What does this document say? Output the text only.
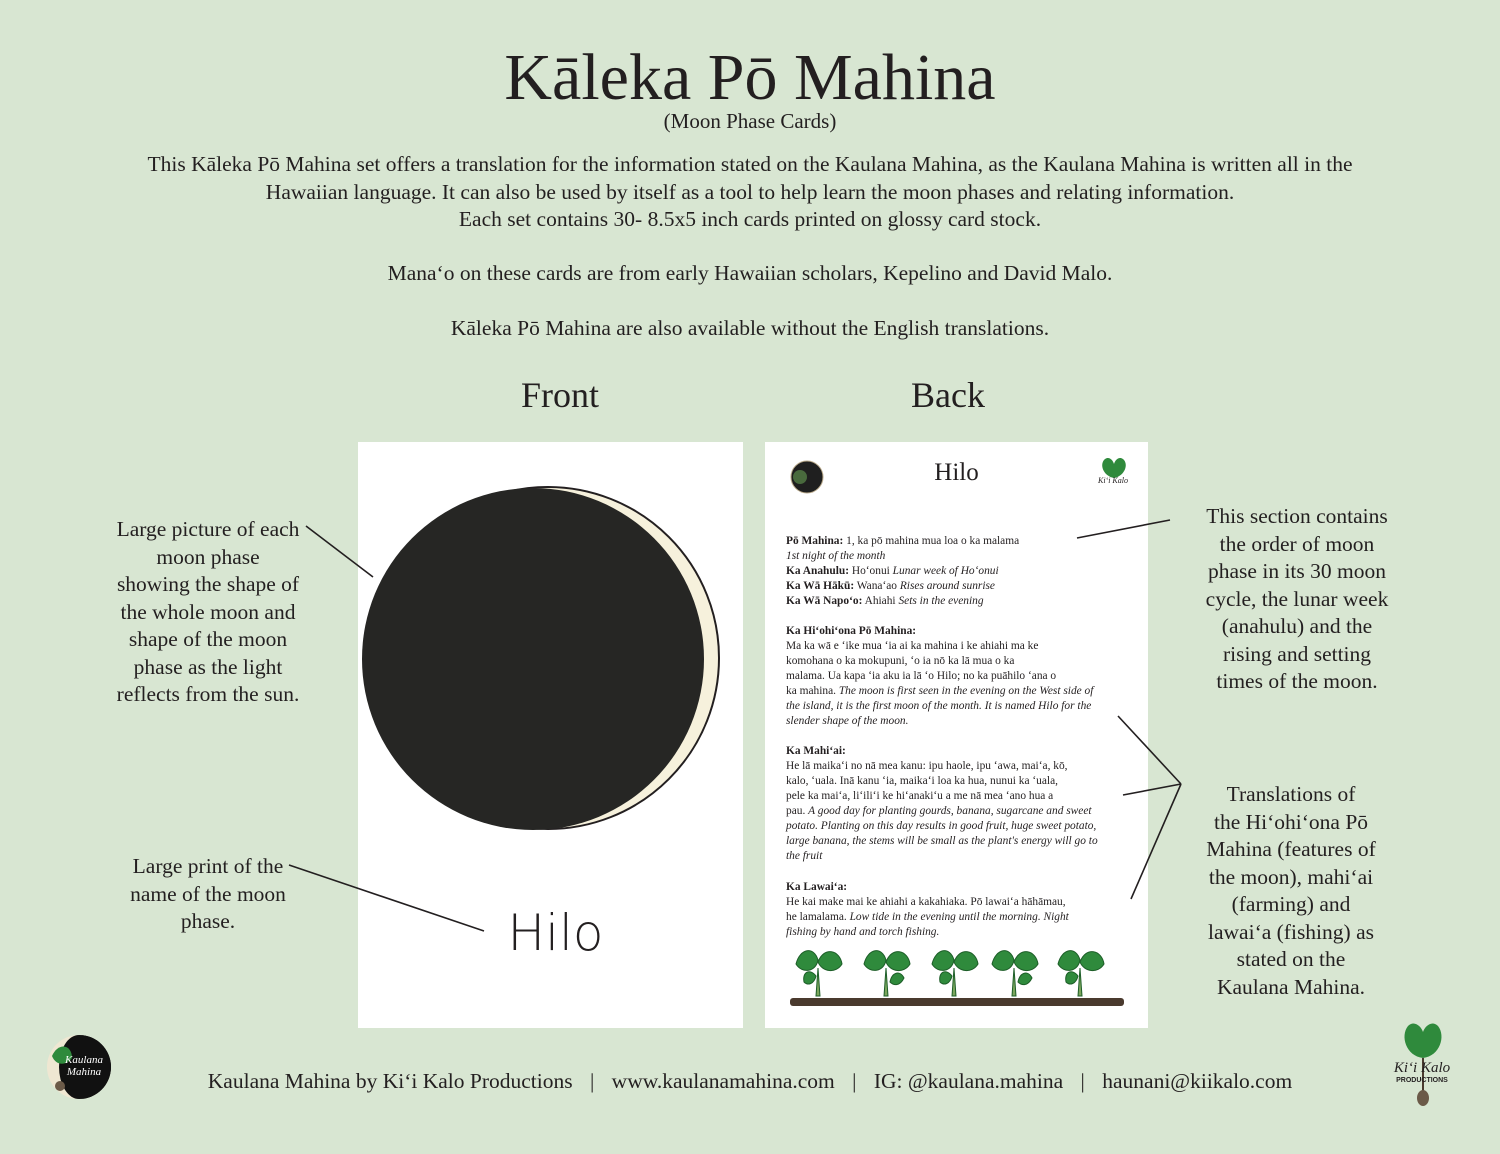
Kāleka Pō Mahina
(Moon Phase Cards)
This Kāleka Pō Mahina set offers a translation for the information stated on the Kaulana Mahina, as the Kaulana Mahina is written all in the
Hawaiian language. It can also be used by itself as a tool to help learn the moon phases and relating information.
Each set contains 30- 8.5x5 inch cards printed on glossy card stock.
Manaʻo on these cards are from early Hawaiian scholars, Kepelino and David Malo.
Kāleka Pō Mahina are also available without the English translations.
Front	Back
Hilo
Hilo	Kiʻi Kalo
Pō Mahina: 1, ka pō mahina mua loa o ka malama
1st night of the month
Ka Anahulu: Hoʻonui Lunar week of Hoʻonui
Ka Wā Hākū: Wanaʻao Rises around sunrise
Ka Wā Napoʻo: Ahiahi Sets in the evening
Ka Hiʻohiʻona Pō Mahina:
Ma ka wā e ʻike mua ʻia ai ka mahina i ke ahiahi ma ke
komohana o ka mokupuni, ʻo ia nō ka lā mua o ka
malama. Ua kapa ʻia aku ia lā ʻo Hilo; no ka puāhilo ʻana o
ka mahina. The moon is first seen in the evening on the West side of
the island, it is the first moon of the month. It is named Hilo for the
slender shape of the moon.
Ka Mahiʻai:
He lā maikaʻi no nā mea kanu: ipu haole, ipu ʻawa, maiʻa, kō,
kalo, ʻuala. Inā kanu ʻia, maikaʻi loa ka hua, nunui ka ʻuala,
pele ka maiʻa, liʻiliʻi ke hiʻanakiʻu a me nā mea ʻano hua a
pau. A good day for planting gourds, banana, sugarcane and sweet
potato. Planting on this day results in good fruit, huge sweet potato,
large banana, the stems will be small as the plant's energy will go to
the fruit
Ka Lawaiʻa:
He kai make mai ke ahiahi a kakahiaka. Pō lawaiʻa hāhāmau,
he lamalama. Low tide in the evening until the morning. Night
fishing by hand and torch fishing.
Large picture of each
moon phase
showing the shape of
the whole moon and
shape of the moon
phase as the light
reflects from the sun.
Large print of the
name of the moon
phase.
This section contains
the order of moon
phase in its 30 moon
cycle, the lunar week
(anahulu) and the
rising and setting
times of the moon.
Translations of
the Hiʻohiʻona Pō
Mahina (features of
the moon), mahiʻai
(farming) and
lawaiʻa (fishing) as
stated on the
Kaulana Mahina.
Kaulana Mahina	Kaulana Mahina by Kiʻi Kalo Productions | www.kaulanamahina.com | IG: @kaulana.mahina | haunani@kiikalo.com
Kiʻi Kalo
PRODUCTIONS
